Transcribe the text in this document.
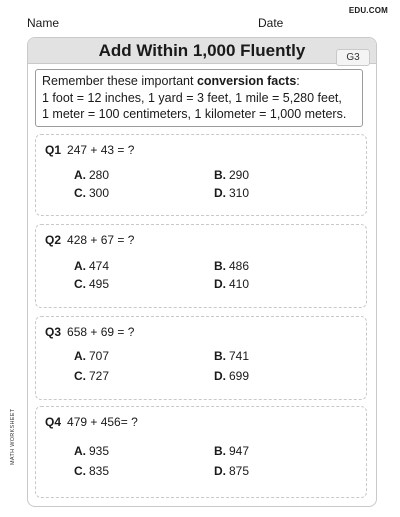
EDU.COM
Name	Date
Add Within 1,000 Fluently	G3
Remember these important conversion facts:
1 foot = 12 inches, 1 yard = 3 feet, 1 mile = 5,280 feet,
1 meter = 100 centimeters, 1 kilometer = 1,000 meters.
Q1 247 + 43 = ?
A. 280	B. 290
C. 300	D. 310
Q2 428 + 67 = ?
A. 474	B. 486
C. 495	D. 410
Q3 658 + 69 = ?
A. 707	B. 741
C. 727	D. 699
Q4 479 + 456= ?
A. 935	B. 947
C. 835	D. 875
MATH WORKSHEET
